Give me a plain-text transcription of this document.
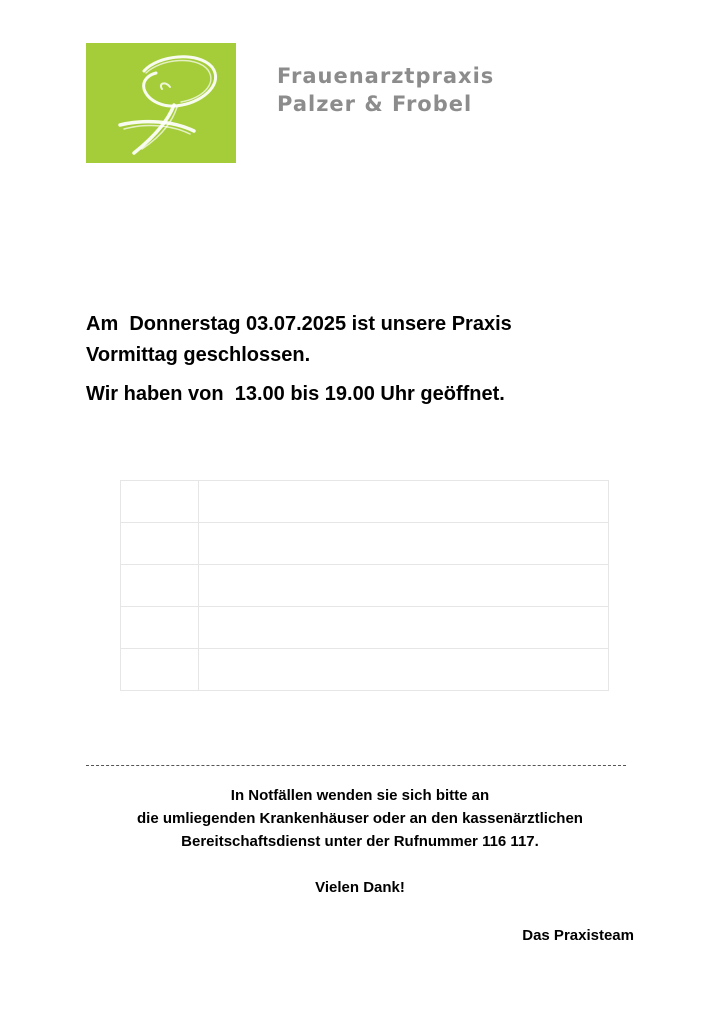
Frauenarztpraxis
Palzer & Frobel
Am  Donnerstag 03.07.2025 ist unsere Praxis
Vormittag geschlossen.
Wir haben von  13.00 bis 19.00 Uhr geöffnet.

In Notfällen wenden sie sich bitte an
die umliegenden Krankenhäuser oder an den kassenärztlichen
Bereitschaftsdienst unter der Rufnummer 116 117.
Vielen Dank!
Das Praxisteam
